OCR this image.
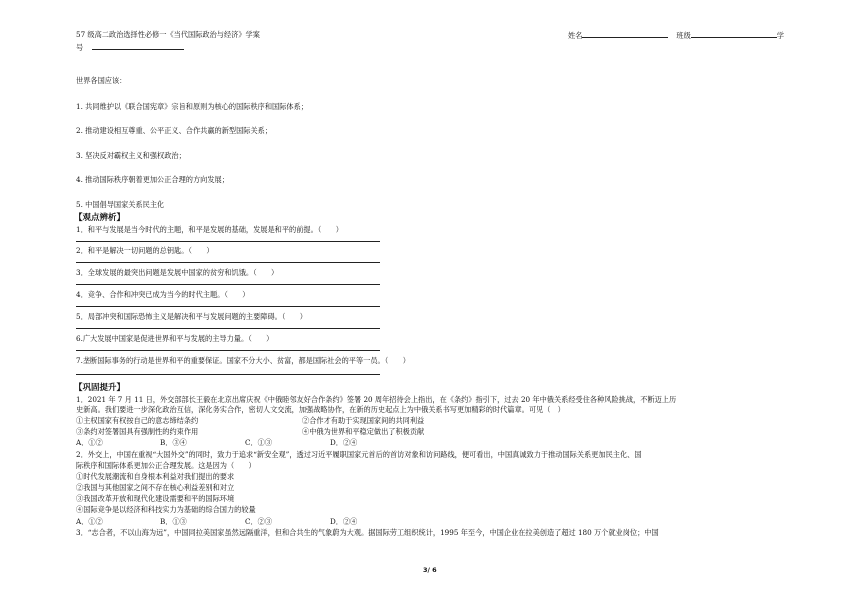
57 级高二政治选择性必修一《当代国际政治与经济》学案
号
姓名	班级	学
世界各国应该：
1. 共同维护以《联合国宪章》宗旨和原则为核心的国际秩序和国际体系；
2. 推动建设相互尊重、公平正义、合作共赢的新型国际关系；
3. 坚决反对霸权主义和强权政治；
4. 推动国际秩序朝着更加公正合理的方向发展；
5. 中国倡导国家关系民主化
【观点辨析】
1．和平与发展是当今时代的主题，和平是发展的基础，发展是和平的前提。（　　）
2．和平是解决一切问题的总钥匙。（　　）
3．全球发展的最突出问题是发展中国家的贫穷和饥饿。（　　）
4．竞争、合作和冲突已成为当今的时代主题。（　　）
5．局部冲突和国际恐怖主义是解决和平与发展问题的主要障碍。（　　）
6.广大发展中国家是促进世界和平与发展的主导力量。（　　）
7.垄断国际事务的行动是世界和平的重要保证。国家不分大小、贫富，都是国际社会的平等一员。（　　）
【巩固提升】
1．2021 年 7 月 11 日，外交部部长王毅在北京出席庆祝《中俄睦邻友好合作条约》签署 20 周年招待会上指出，在《条约》指引下，过去 20 年中俄关系经受住各种风险挑战，不断迈上历
史新高。我们要进一步深化政治互信，深化务实合作，密切人文交流，加强战略协作，在新的历史起点上为中俄关系书写更加精彩的时代篇章。可见（　）
①主权国家有权按自己的意志缔结条约	②合作才有助于实现国家间的共同利益
③条约对签署国具有强制性的约束作用	④中俄为世界和平稳定做出了积极贡献
A．①②	B．③④	C．①③	D．②④
2．外交上，中国在重视“大国外交”的同时，致力于追求“新安全观”，透过习近平履职国家元首后的首访对象和访问路线，便可看出，中国真诚致力于推动国际关系更加民主化、国
际秩序和国际体系更加公正合理发展。这是因为（　　）
①时代发展潮流和自身根本利益对我们提出的要求
②我国与其他国家之间不存在核心利益差别和对立
③我国改革开放和现代化建设需要和平的国际环境
④国际竞争是以经济和科技实力为基础的综合国力的较量
A．①②	B．①③	C．②③	D．②④
3．“志合者，不以山海为远”，中国同拉美国家虽然远隔重洋，但和合共生的气象蔚为大观。据国际劳工组织统计，1995 年至今，中国企业在拉美创造了超过 180 万个就业岗位；中国
3/ 6
